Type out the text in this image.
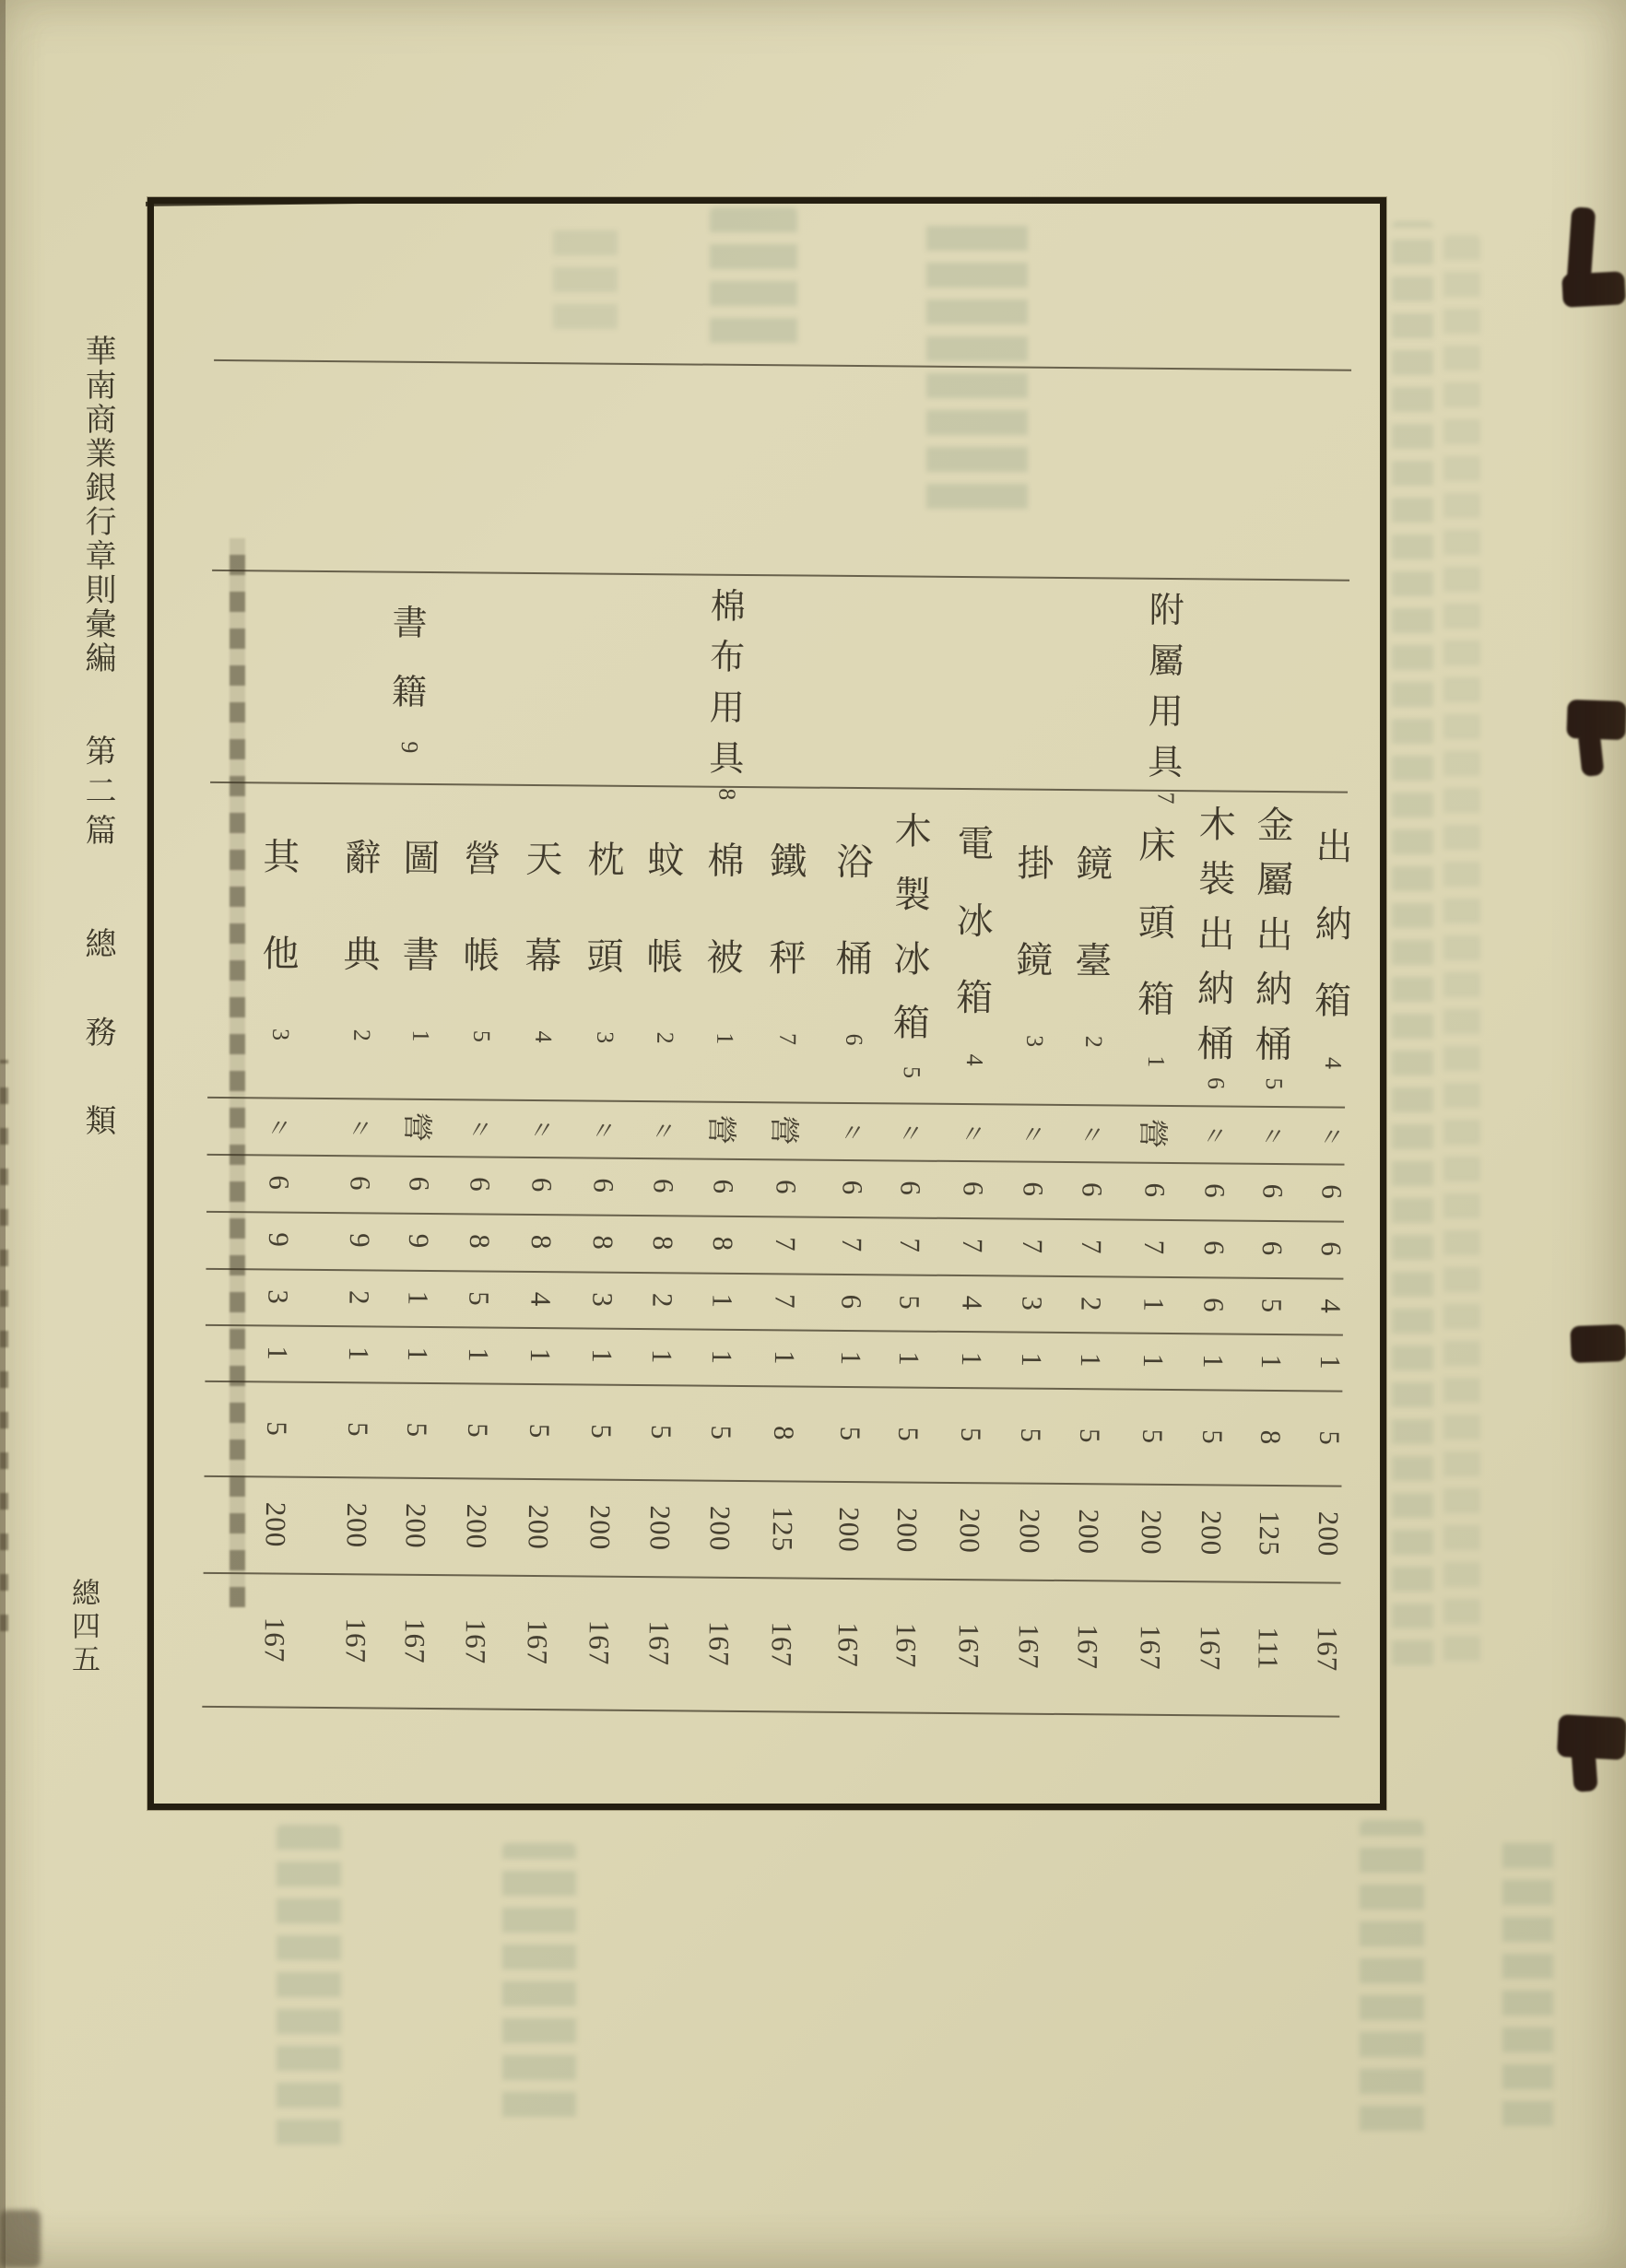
華南商業銀行章則彙編 第二篇 總務類
總四五
附
屬
用
具
7
棉
布
用
具
8
書
籍
9
出
納
箱
4
〃
6
6
4
1
5
200
167
金
屬
出
納
桶
5
〃
6
6
5
1
8
125
111
木
裝
出
納
桶
6
〃
6
6
6
1
5
200
167
床
頭
箱
1
營
6
7
1
1
5
200
167
鏡
臺
2
〃
6
7
2
1
5
200
167
掛
鏡
3
〃
6
7
3
1
5
200
167
電
冰
箱
4
〃
6
7
4
1
5
200
167
木
製
冰
箱
5
〃
6
7
5
1
5
200
167
浴
桶
6
〃
6
7
6
1
5
200
167
鐵
秤
7
營
6
7
7
1
8
125
167
棉
被
1
營
6
8
1
1
5
200
167
蚊
帳
2
〃
6
8
2
1
5
200
167
枕
頭
3
〃
6
8
3
1
5
200
167
天
幕
4
〃
6
8
4
1
5
200
167
營
帳
5
〃
6
8
5
1
5
200
167
圖
書
1
營
6
9
1
1
5
200
167
辭
典
2
〃
6
9
2
1
5
200
167
其
他
3
〃
6
9
3
1
5
200
167
